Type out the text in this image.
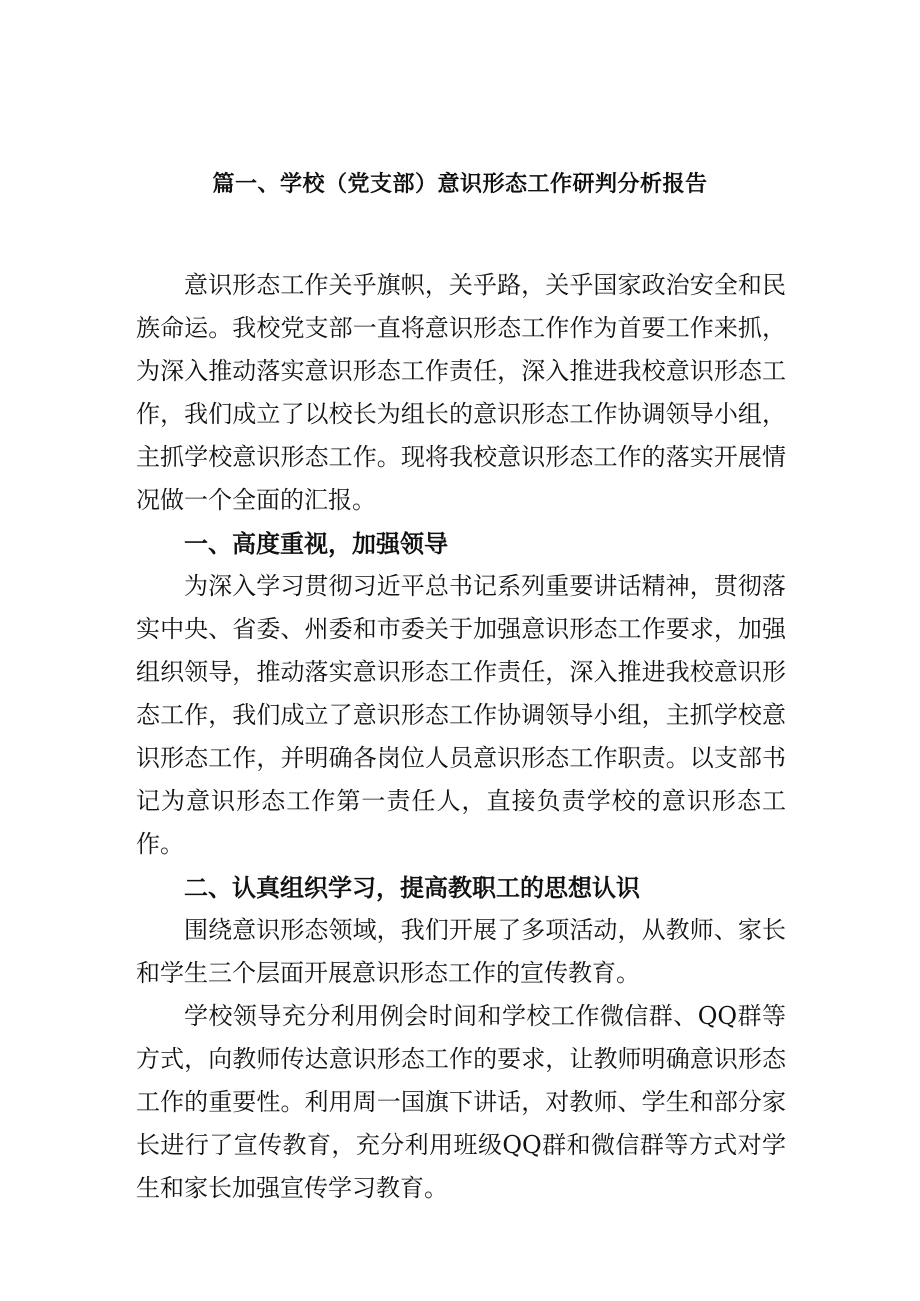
篇一、学校（党支部）意识形态工作研判分析报告

意识形态工作关乎旗帜，关乎路，关乎国家政治安全和民族命运。我校党支部一直将意识形态工作作为首要工作来抓，为深入推动落实意识形态工作责任，深入推进我校意识形态工作，我们成立了以校长为组长的意识形态工作协调领导小组，主抓学校意识形态工作。现将我校意识形态工作的落实开展情况做一个全面的汇报。

一、高度重视，加强领导

为深入学习贯彻习近平总书记系列重要讲话精神，贯彻落实中央、省委、州委和市委关于加强意识形态工作要求，加强组织领导，推动落实意识形态工作责任，深入推进我校意识形态工作，我们成立了意识形态工作协调领导小组，主抓学校意识形态工作，并明确各岗位人员意识形态工作职责。以支部书记为意识形态工作第一责任人，直接负责学校的意识形态工作。

二、认真组织学习，提高教职工的思想认识

围绕意识形态领域，我们开展了多项活动，从教师、家长和学生三个层面开展意识形态工作的宣传教育。

学校领导充分利用例会时间和学校工作微信群、QQ群等方式，向教师传达意识形态工作的要求，让教师明确意识形态工作的重要性。利用周一国旗下讲话，对教师、学生和部分家长进行了宣传教育，充分利用班级QQ群和微信群等方式对学生和家长加强宣传学习教育。
